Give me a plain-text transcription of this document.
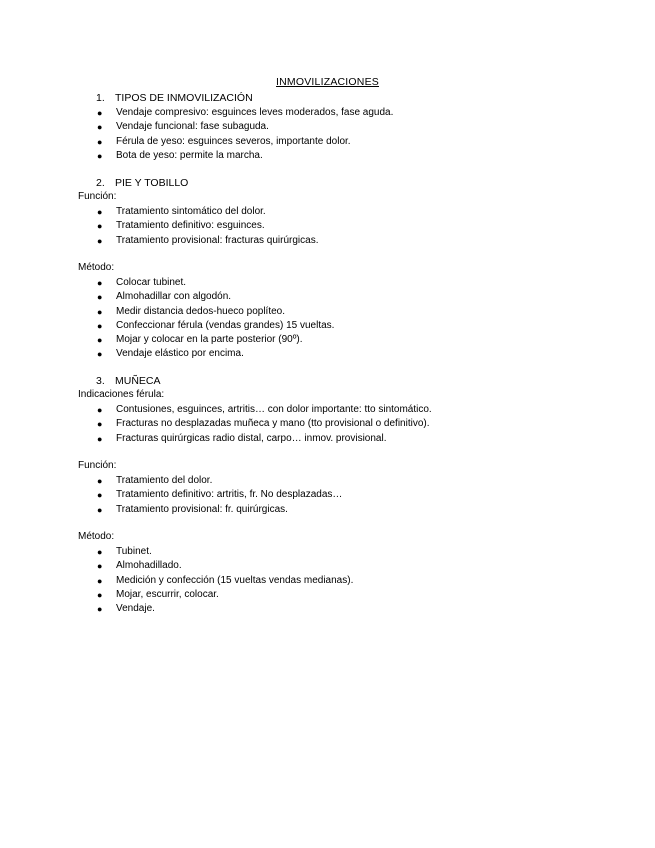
INMOVILIZACIONES
1. TIPOS DE INMOVILIZACIÓN
● Vendaje compresivo: esguinces leves moderados, fase aguda.
● Vendaje funcional: fase subaguda.
● Férula de yeso: esguinces severos, importante dolor.
● Bota de yeso: permite la marcha.
2. PIE Y TOBILLO
Función:
● Tratamiento sintomático del dolor.
● Tratamiento definitivo: esguinces.
● Tratamiento provisional: fracturas quirúrgicas.
Método:
● Colocar tubinet.
● Almohadillar con algodón.
● Medir distancia dedos-hueco poplíteo.
● Confeccionar férula (vendas grandes) 15 vueltas.
● Mojar y colocar en la parte posterior (90º).
● Vendaje elástico por encima.
3. MUÑECA
Indicaciones férula:
● Contusiones, esguinces, artritis… con dolor importante: tto sintomático.
● Fracturas no desplazadas muñeca y mano (tto provisional o definitivo).
● Fracturas quirúrgicas radio distal, carpo… inmov. provisional.
Función:
● Tratamiento del dolor.
● Tratamiento definitivo: artritis, fr. No desplazadas…
● Tratamiento provisional: fr. quirúrgicas.
Método:
● Tubinet.
● Almohadillado.
● Medición y confección (15 vueltas vendas medianas).
● Mojar, escurrir, colocar.
● Vendaje.
